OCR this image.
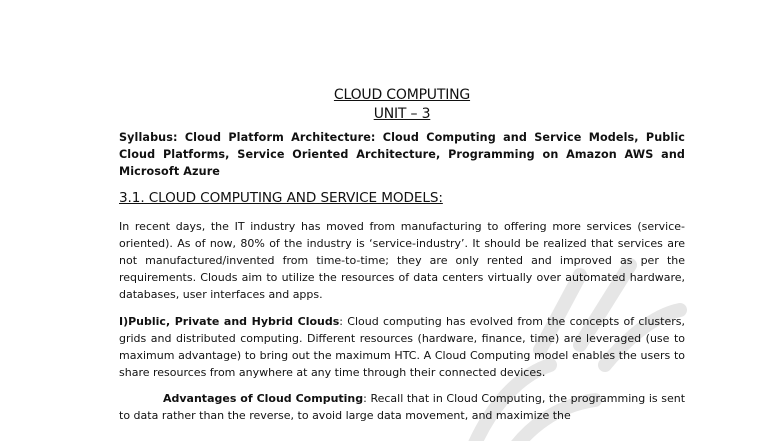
CLOUD COMPUTING
UNIT – 3

Syllabus: Cloud Platform Architecture: Cloud Computing and Service Models, Public Cloud Platforms, Service Oriented Architecture, Programming on Amazon AWS and Microsoft Azure

3.1. CLOUD COMPUTING AND SERVICE MODELS:

In recent days, the IT industry has moved from manufacturing to offering more services (service-oriented). As of now, 80% of the industry is ‘service-industry’. It should be realized that services are not manufactured/invented from time-to-time; they are only rented and improved as per the requirements. Clouds aim to utilize the resources of data centers virtually over automated hardware, databases, user interfaces and apps.

I)Public, Private and Hybrid Clouds: Cloud computing has evolved from the concepts of clusters, grids and distributed computing. Different resources (hardware, finance, time) are leveraged (use to maximum advantage) to bring out the maximum HTC. A Cloud Computing model enables the users to share resources from anywhere at any time through their connected devices.

Advantages of Cloud Computing: Recall that in Cloud Computing, the programming is sent to data rather than the reverse, to avoid large data movement, and maximize the
